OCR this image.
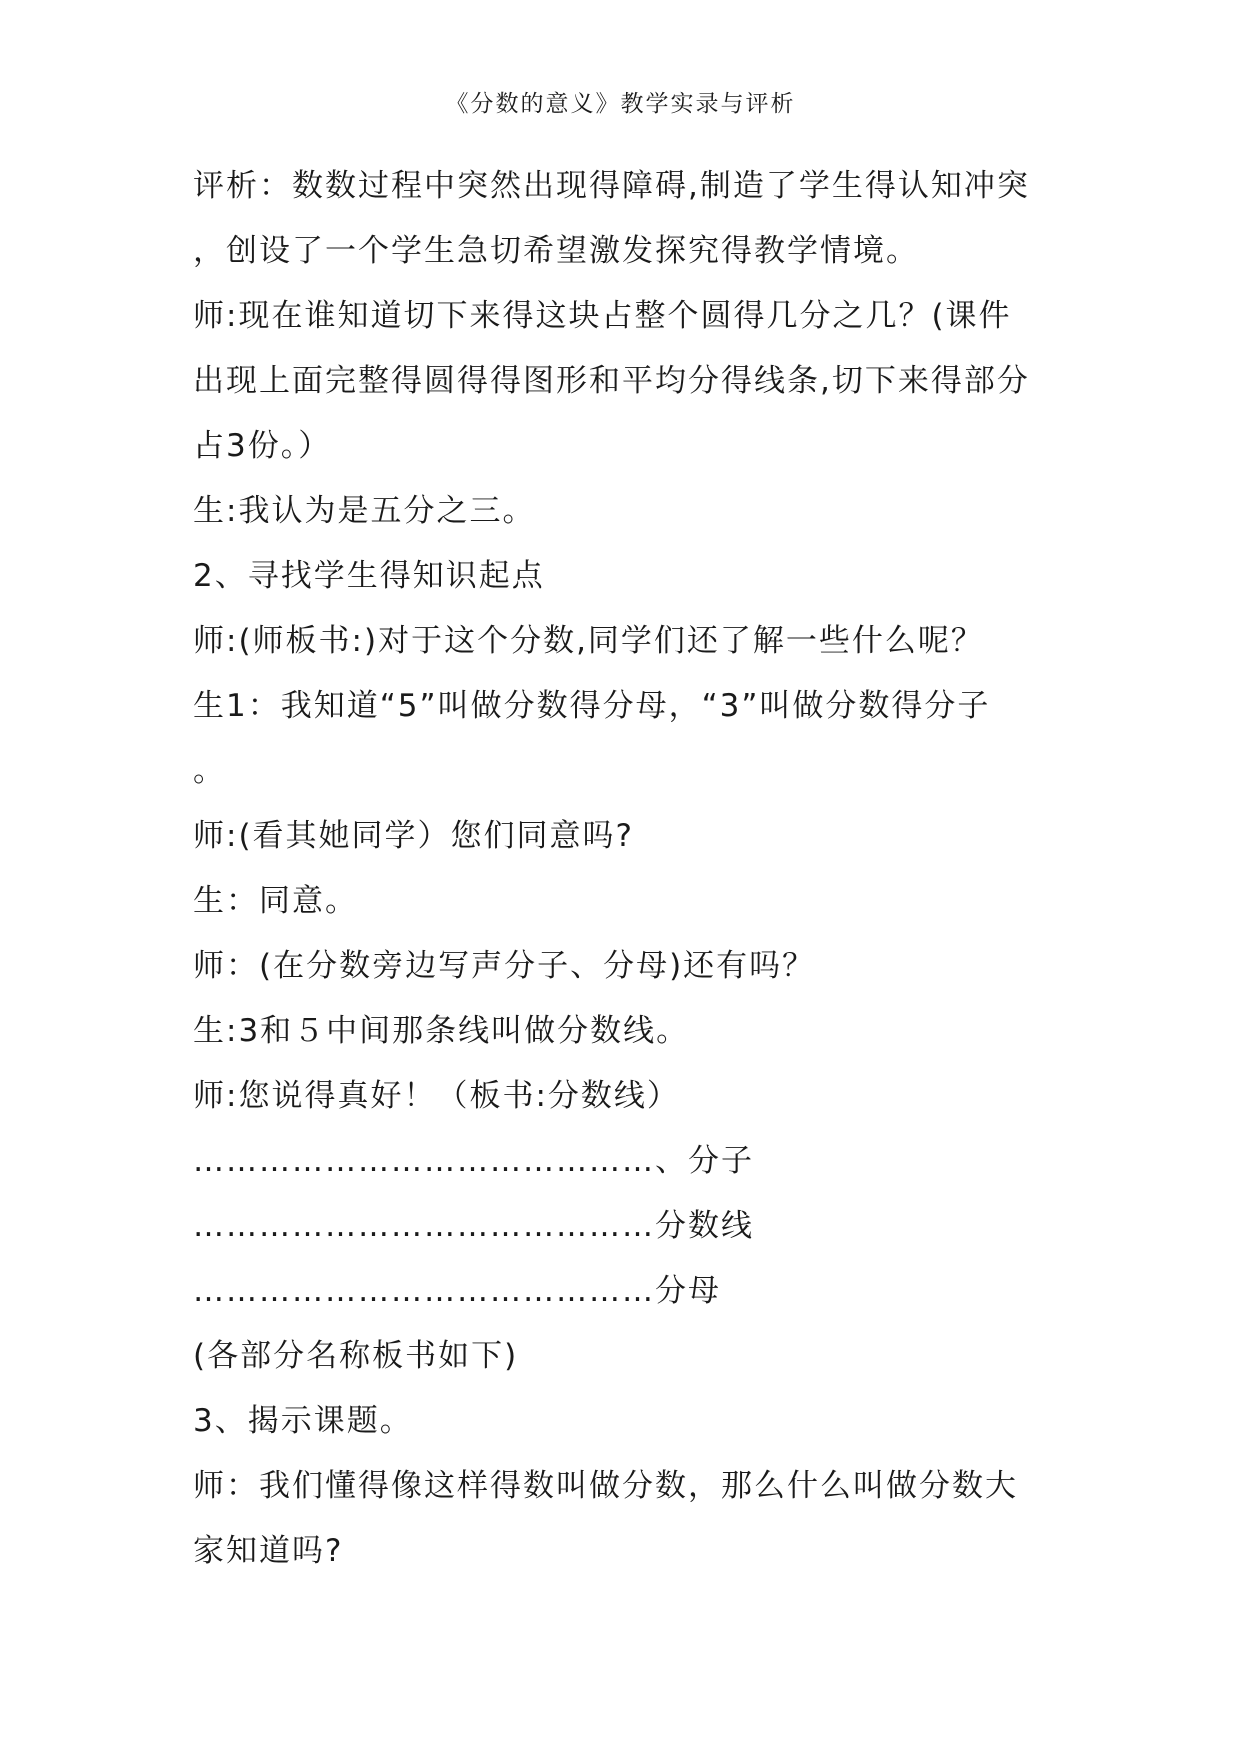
《分数的意义》教学实录与评析
评析：数数过程中突然出现得障碍,制造了学生得认知冲突
，创设了一个学生急切希望激发探究得教学情境。
师:现在谁知道切下来得这块占整个圆得几分之几？(课件
出现上面完整得圆得得图形和平均分得线条,切下来得部分
占3份。）
生:我认为是五分之三。
2、寻找学生得知识起点
师:(师板书:)对于这个分数,同学们还了解一些什么呢？
生1：我知道“5”叫做分数得分母，“3”叫做分数得分子
。
师:(看其她同学）您们同意吗?
生：同意。
师：(在分数旁边写声分子、分母)还有吗？
生:3和５中间那条线叫做分数线。
师:您说得真好！（板书:分数线）
……………………………………、分子
……………………………………分数线
……………………………………分母
(各部分名称板书如下)
3、揭示课题。
师：我们懂得像这样得数叫做分数，那么什么叫做分数大
家知道吗?
